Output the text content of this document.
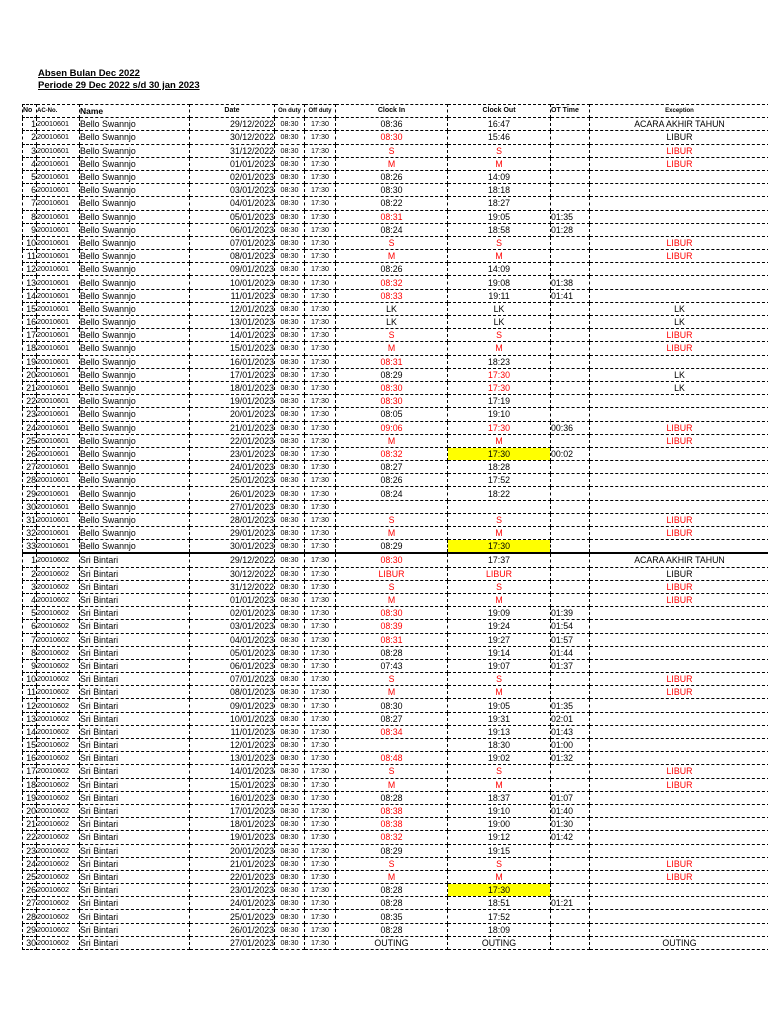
Absen Bulan Dec 2022
Periode 29 Dec 2022 s/d 30 jan 2023
No	AC-No.	Name	Date	On duty	Off duty	Clock In	Clock Out	OT Time	Exception
1	20010601	Bello Swannjo	29/12/2022	08:30	17:30	08:36	16:47		ACARA AKHIR TAHUN
2	20010601	Bello Swannjo	30/12/2022	08:30	17:30	08:30	15:46		LIBUR
3	20010601	Bello Swannjo	31/12/2022	08:30	17:30	S	S		LIBUR
4	20010601	Bello Swannjo	01/01/2023	08:30	17:30	M	M		LIBUR
5	20010601	Bello Swannjo	02/01/2023	08:30	17:30	08:26	14:09		
6	20010601	Bello Swannjo	03/01/2023	08:30	17:30	08:30	18:18		
7	20010601	Bello Swannjo	04/01/2023	08:30	17:30	08:22	18:27		
8	20010601	Bello Swannjo	05/01/2023	08:30	17:30	08:31	19:05	01:35	
9	20010601	Bello Swannjo	06/01/2023	08:30	17:30	08:24	18:58	01:28	
10	20010601	Bello Swannjo	07/01/2023	08:30	17:30	S	S		LIBUR
11	20010601	Bello Swannjo	08/01/2023	08:30	17:30	M	M		LIBUR
12	20010601	Bello Swannjo	09/01/2023	08:30	17:30	08:26	14:09		
13	20010601	Bello Swannjo	10/01/2023	08:30	17:30	08:32	19:08	01:38	
14	20010601	Bello Swannjo	11/01/2023	08:30	17:30	08:33	19:11	01:41	
15	20010601	Bello Swannjo	12/01/2023	08:30	17:30	LK	LK		LK
16	20010601	Bello Swannjo	13/01/2023	08:30	17:30	LK	LK		LK
17	20010601	Bello Swannjo	14/01/2023	08:30	17:30	S	S		LIBUR
18	20010601	Bello Swannjo	15/01/2023	08:30	17:30	M	M		LIBUR
19	20010601	Bello Swannjo	16/01/2023	08:30	17:30	08:31	18:23		
20	20010601	Bello Swannjo	17/01/2023	08:30	17:30	08:29	17:30		LK
21	20010601	Bello Swannjo	18/01/2023	08:30	17:30	08:30	17:30		LK
22	20010601	Bello Swannjo	19/01/2023	08:30	17:30	08:30	17:19		
23	20010601	Bello Swannjo	20/01/2023	08:30	17:30	08:05	19:10		
24	20010601	Bello Swannjo	21/01/2023	08:30	17:30	09:06	17:30	00:36	LIBUR
25	20010601	Bello Swannjo	22/01/2023	08:30	17:30	M	M		LIBUR
26	20010601	Bello Swannjo	23/01/2023	08:30	17:30	08:32	17:30	00:02	
27	20010601	Bello Swannjo	24/01/2023	08:30	17:30	08:27	18:28		
28	20010601	Bello Swannjo	25/01/2023	08:30	17:30	08:26	17:52		
29	20010601	Bello Swannjo	26/01/2023	08:30	17:30	08:24	18:22		
30	20010601	Bello Swannjo	27/01/2023	08:30	17:30				
31	20010601	Bello Swannjo	28/01/2023	08:30	17:30	S	S		LIBUR
32	20010601	Bello Swannjo	29/01/2023	08:30	17:30	M	M		LIBUR
33	20010601	Bello Swannjo	30/01/2023	08:30	17:30	08:29	17:30		
1	20010602	Sri Bintari	29/12/2022	08:30	17:30	08:30	17:37		ACARA AKHIR TAHUN
2	20010602	Sri Bintari	30/12/2022	08:30	17:30	LIBUR	LIBUR		LIBUR
3	20010602	Sri Bintari	31/12/2022	08:30	17:30	S	S		LIBUR
4	20010602	Sri Bintari	01/01/2023	08:30	17:30	M	M		LIBUR
5	20010602	Sri Bintari	02/01/2023	08:30	17:30	08:30	19:09	01:39	
6	20010602	Sri Bintari	03/01/2023	08:30	17:30	08:39	19:24	01:54	
7	20010602	Sri Bintari	04/01/2023	08:30	17:30	08:31	19:27	01:57	
8	20010602	Sri Bintari	05/01/2023	08:30	17:30	08:28	19:14	01:44	
9	20010602	Sri Bintari	06/01/2023	08:30	17:30	07:43	19:07	01:37	
10	20010602	Sri Bintari	07/01/2023	08:30	17:30	S	S		LIBUR
11	20010602	Sri Bintari	08/01/2023	08:30	17:30	M	M		LIBUR
12	20010602	Sri Bintari	09/01/2023	08:30	17:30	08:30	19:05	01:35	
13	20010602	Sri Bintari	10/01/2023	08:30	17:30	08:27	19:31	02:01	
14	20010602	Sri Bintari	11/01/2023	08:30	17:30	08:34	19:13	01:43	
15	20010602	Sri Bintari	12/01/2023	08:30	17:30		18:30	01:00	
16	20010602	Sri Bintari	13/01/2023	08:30	17:30	08:48	19:02	01:32	
17	20010602	Sri Bintari	14/01/2023	08:30	17:30	S	S		LIBUR
18	20010602	Sri Bintari	15/01/2023	08:30	17:30	M	M		LIBUR
19	20010602	Sri Bintari	16/01/2023	08:30	17:30	08:28	18:37	01:07	
20	20010602	Sri Bintari	17/01/2023	08:30	17:30	08:38	19:10	01:40	
21	20010602	Sri Bintari	18/01/2023	08:30	17:30	08:38	19:00	01:30	
22	20010602	Sri Bintari	19/01/2023	08:30	17:30	08:32	19:12	01:42	
23	20010602	Sri Bintari	20/01/2023	08:30	17:30	08:29	19:15		
24	20010602	Sri Bintari	21/01/2023	08:30	17:30	S	S		LIBUR
25	20010602	Sri Bintari	22/01/2023	08:30	17:30	M	M		LIBUR
26	20010602	Sri Bintari	23/01/2023	08:30	17:30	08:28	17:30		
27	20010602	Sri Bintari	24/01/2023	08:30	17:30	08:28	18:51	01:21	
28	20010602	Sri Bintari	25/01/2023	08:30	17:30	08:35	17:52		
29	20010602	Sri Bintari	26/01/2023	08:30	17:30	08:28	18:09		
30	20010602	Sri Bintari	27/01/2023	08:30	17:30	OUTING	OUTING		OUTING
